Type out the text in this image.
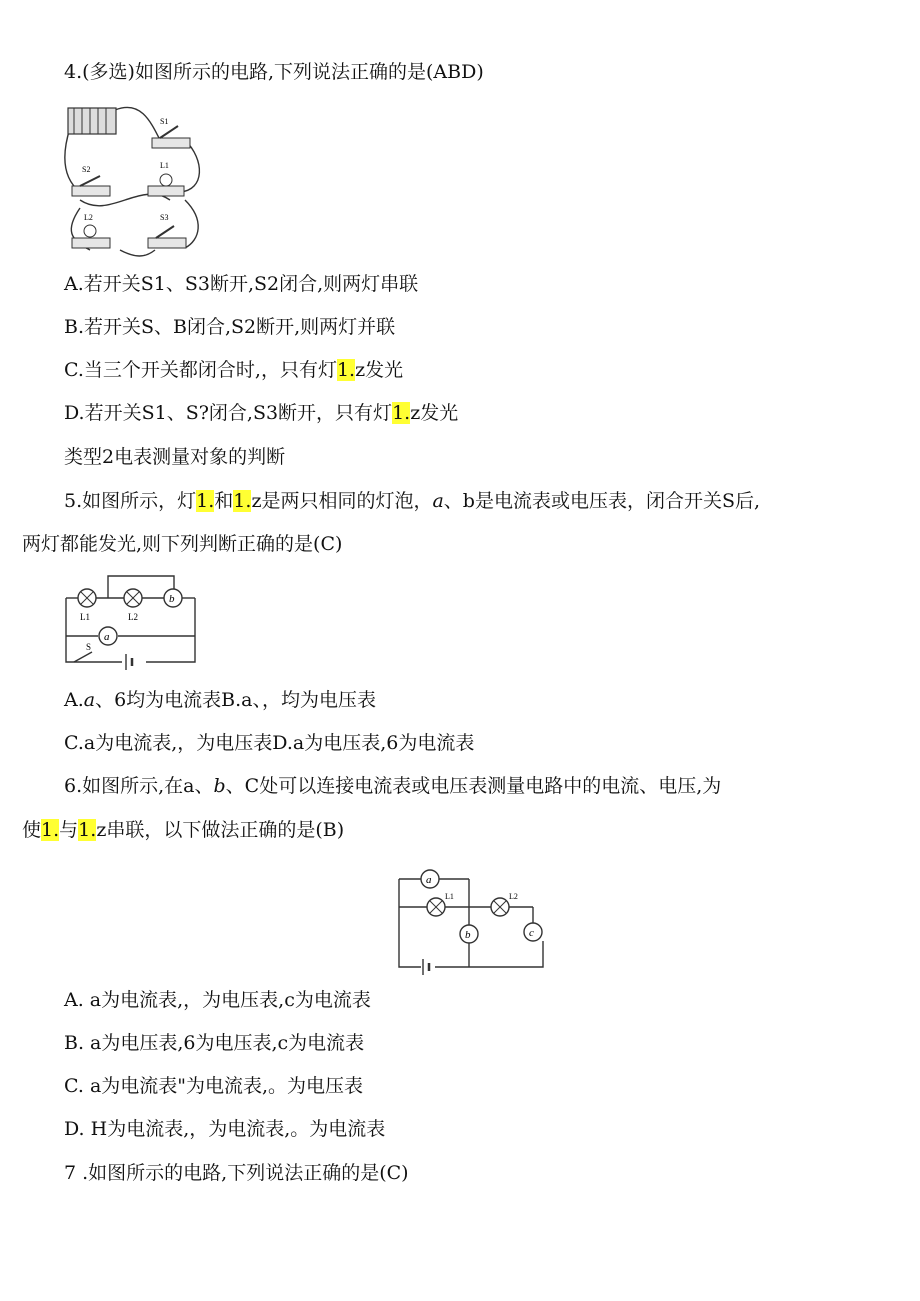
4.(多选)如图所示的电路,下列说法正确的是(ABD)
S1
S2	L1
L2	S3
A.若开关S1、S3断开,S2闭合,则两灯串联
B.若开关S、B闭合,S2断开,则两灯并联
C.当三个开关都闭合时,，只有灯1.z发光
D.若开关S1、S?闭合,S3断开，只有灯1.z发光
类型2电表测量对象的判断
5.如图所示，灯1.和1.z是两只相同的灯泡，a、b是电流表或电压表，闭合开关S后,
两灯都能发光,则下列判断正确的是(C)
L1	L2
b
a
S
A.a、6均为电流表B.a、，均为电压表
C.a为电流表,，为电压表D.a为电压表,6为电流表
6.如图所示,在a、b、C处可以连接电流表或电压表测量电路中的电流、电压,为
使1.与1.z串联，以下做法正确的是(B)
a
L1	L2
b	c
A. a为电流表,，为电压表,c为电流表
B. a为电压表,6为电压表,c为电流表
C. a为电流表"为电流表,。为电压表
D. H为电流表,，为电流表,。为电流表
7 .如图所示的电路,下列说法正确的是(C)
